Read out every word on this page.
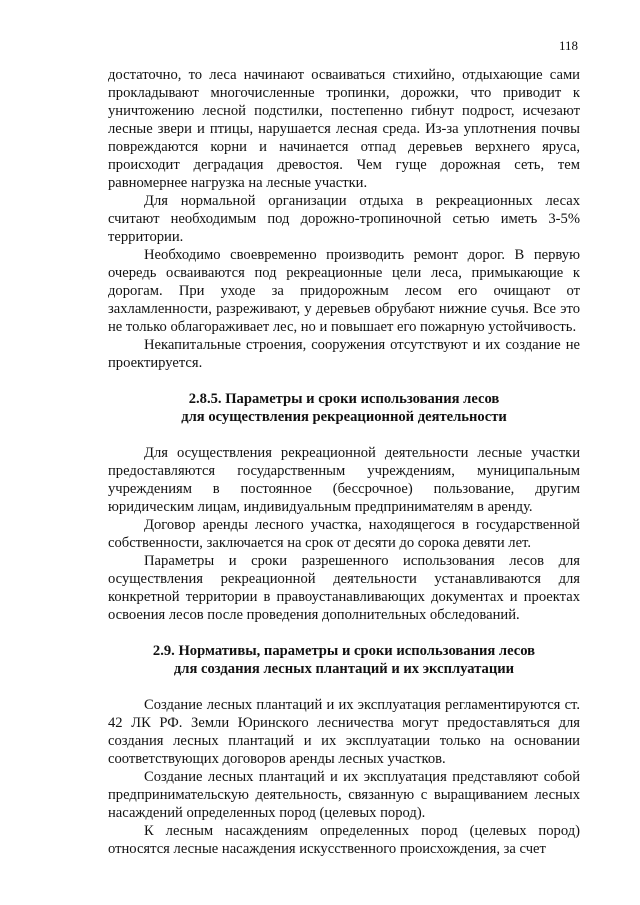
118

достаточно, то леса начинают осваиваться стихийно, отдыхающие сами прокладывают многочисленные тропинки, дорожки, что приводит к уничтожению лесной подстилки, постепенно гибнут подрост, исчезают лесные звери и птицы, нарушается лесная среда. Из-за уплотнения почвы повреждаются корни и начинается отпад деревьев верхнего яруса, происходит деградация древостоя. Чем гуще дорожная сеть, тем равномернее нагрузка на лесные участки.

Для нормальной организации отдыха в рекреационных лесах считают необходимым под дорожно-тропиночной сетью иметь 3-5% территории.

Необходимо своевременно производить ремонт дорог. В первую очередь осваиваются под рекреационные цели леса, примыкающие к дорогам. При уходе за придорожным лесом его очищают от захламленности, разреживают, у деревьев обрубают нижние сучья. Все это не только облагораживает лес, но и повышает его пожарную устойчивость.

Некапитальные строения, сооружения отсутствуют и их создание не проектируется.

2.8.5. Параметры и сроки использования лесов
для осуществления рекреационной деятельности

Для осуществления рекреационной деятельности лесные участки предоставляются государственным учреждениям, муниципальным учреждениям в постоянное (бессрочное) пользование, другим юридическим лицам, индивидуальным предпринимателям в аренду.

Договор аренды лесного участка, находящегося в государственной собственности, заключается на срок от десяти до сорока девяти лет.

Параметры и сроки разрешенного использования лесов для осуществления рекреационной деятельности устанавливаются для конкретной территории в правоустанавливающих документах и проектах освоения лесов после проведения дополнительных обследований.

2.9. Нормативы, параметры и сроки использования лесов
для создания лесных плантаций и их эксплуатации

Создание лесных плантаций и их эксплуатация регламентируются ст. 42 ЛК РФ. Земли Юринского лесничества могут предоставляться для создания лесных плантаций и их эксплуатации только на основании соответствующих договоров аренды лесных участков.

Создание лесных плантаций и их эксплуатация представляют собой предпринимательскую деятельность, связанную с выращиванием лесных насаждений определенных пород (целевых пород).

К лесным насаждениям определенных пород (целевых пород) относятся лесные насаждения искусственного происхождения, за счет
